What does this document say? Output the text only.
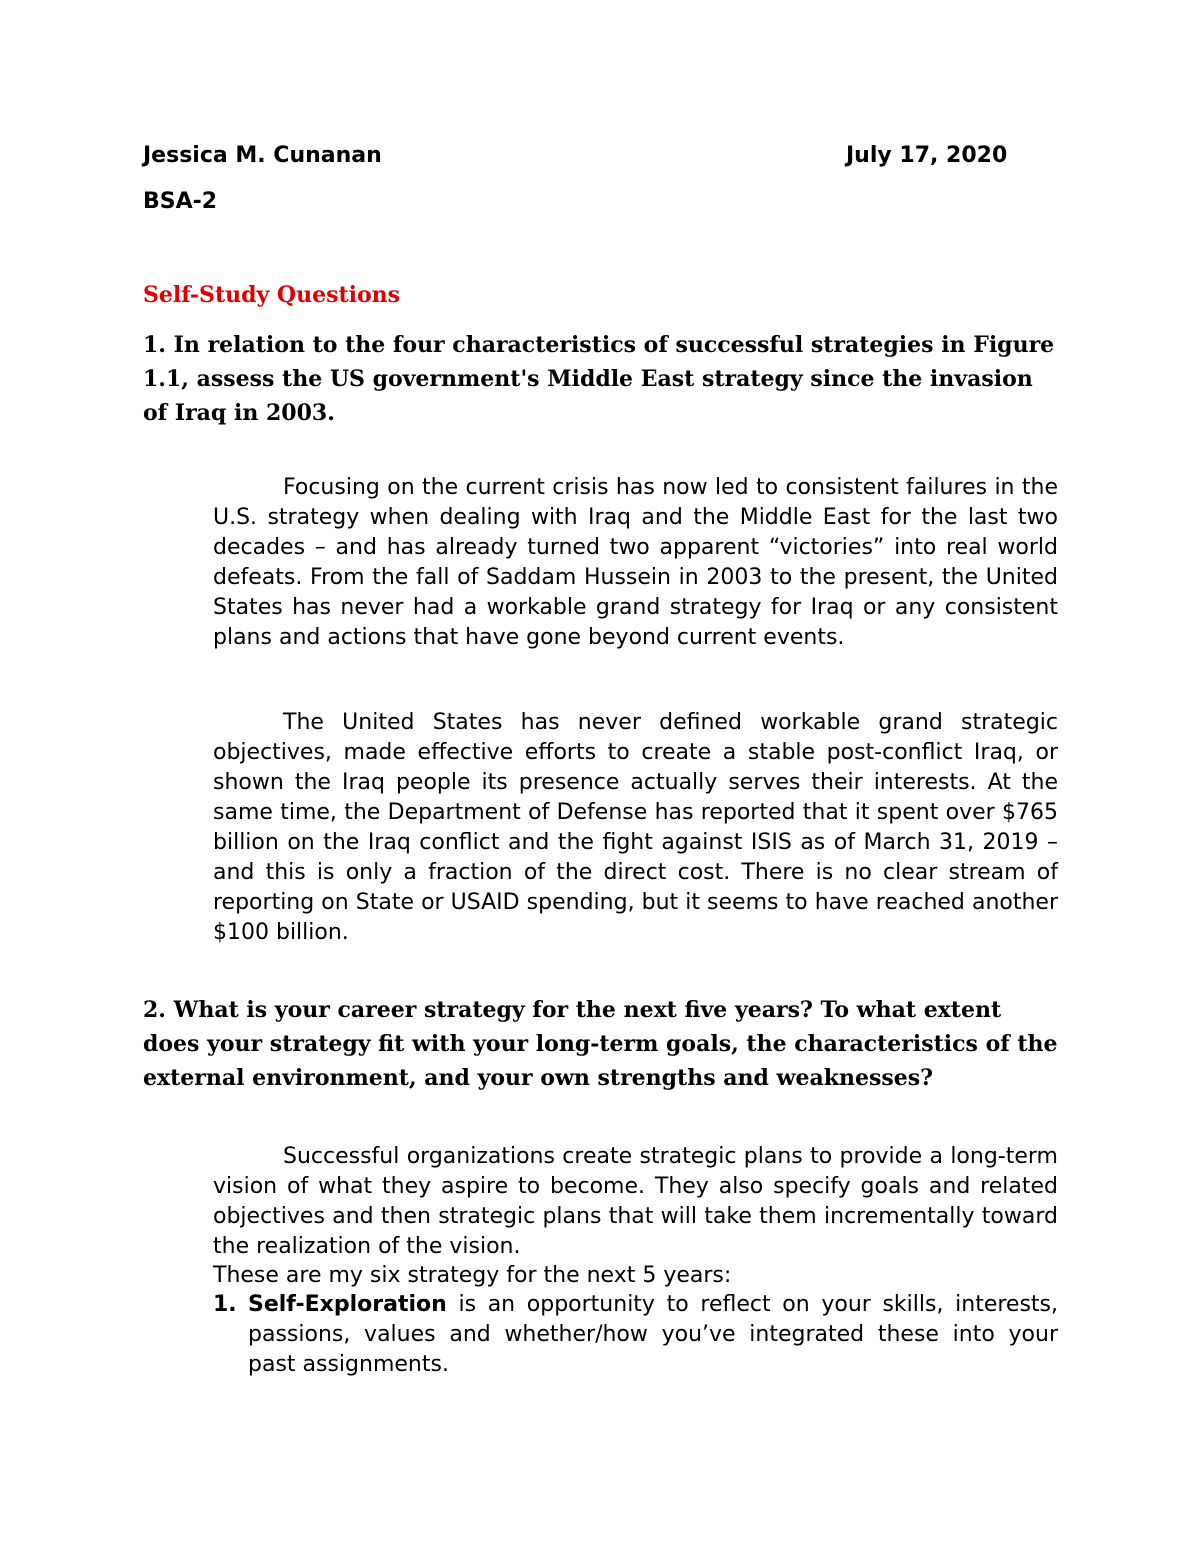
Jessica M. Cunanan	July 17, 2020
BSA-2
Self-Study Questions
1. In relation to the four characteristics of successful strategies in Figure 1.1, assess the US government's Middle East strategy since the invasion of Iraq in 2003.

Focusing on the current crisis has now led to consistent failures in the U.S. strategy when dealing with Iraq and the Middle East for the last two decades – and has already turned two apparent “victories” into real world defeats. From the fall of Saddam Hussein in 2003 to the present, the United States has never had a workable grand strategy for Iraq or any consistent plans and actions that have gone beyond current events.

The United States has never defined workable grand strategic objectives, made effective efforts to create a stable post-conflict Iraq, or shown the Iraq people its presence actually serves their interests. At the same time, the Department of Defense has reported that it spent over $765 billion on the Iraq conflict and the fight against ISIS as of March 31, 2019 – and this is only a fraction of the direct cost. There is no clear stream of reporting on State or USAID spending, but it seems to have reached another $100 billion.

2. What is your career strategy for the next five years? To what extent does your strategy fit with your long-term goals, the characteristics of the external environment, and your own strengths and weaknesses?

Successful organizations create strategic plans to provide a long-term vision of what they aspire to become. They also specify goals and related objectives and then strategic plans that will take them incrementally toward the realization of the vision.

These are my six strategy for the next 5 years:
1. Self-Exploration is an opportunity to reflect on your skills, interests, passions, values and whether/how you’ve integrated these into your past assignments.
